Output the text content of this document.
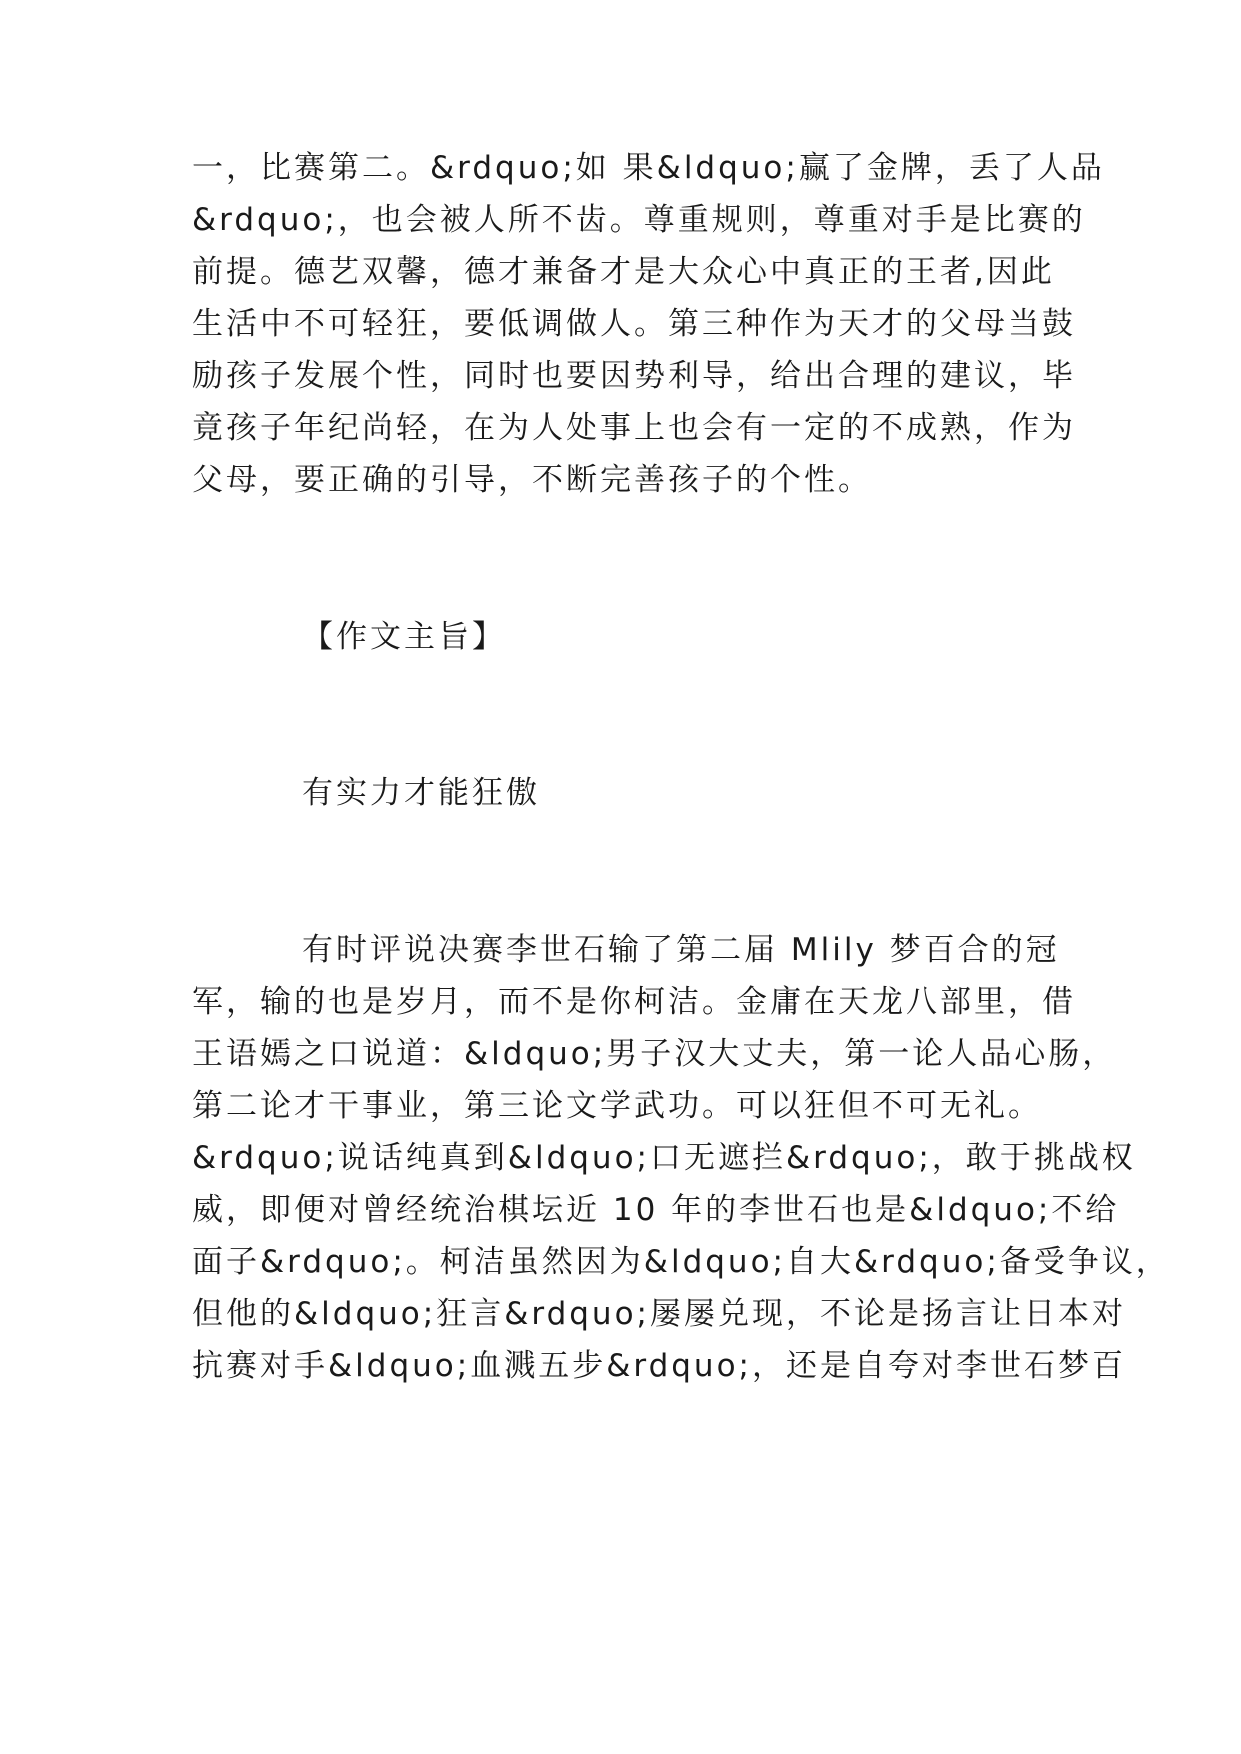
一，比赛第二。&rdquo;如 果&ldquo;赢了金牌，丢了人品
&rdquo;，也会被人所不齿。尊重规则，尊重对手是比赛的
前提。德艺双馨，德才兼备才是大众心中真正的王者,因此
生活中不可轻狂，要低调做人。第三种作为天才的父母当鼓
励孩子发展个性，同时也要因势利导，给出合理的建议，毕
竟孩子年纪尚轻，在为人处事上也会有一定的不成熟，作为
父母，要正确的引导，不断完善孩子的个性。
【作文主旨】
有实力才能狂傲
有时评说决赛李世石输了第二届 Mlily 梦百合的冠
军，输的也是岁月，而不是你柯洁。金庸在天龙八部里，借
王语嫣之口说道：&ldquo;男子汉大丈夫，第一论人品心肠，
第二论才干事业，第三论文学武功。可以狂但不可无礼。
&rdquo;说话纯真到&ldquo;口无遮拦&rdquo;，敢于挑战权
威，即便对曾经统治棋坛近 10 年的李世石也是&ldquo;不给
面子&rdquo;。柯洁虽然因为&ldquo;自大&rdquo;备受争议，
但他的&ldquo;狂言&rdquo;屡屡兑现，不论是扬言让日本对
抗赛对手&ldquo;血溅五步&rdquo;，还是自夸对李世石梦百
